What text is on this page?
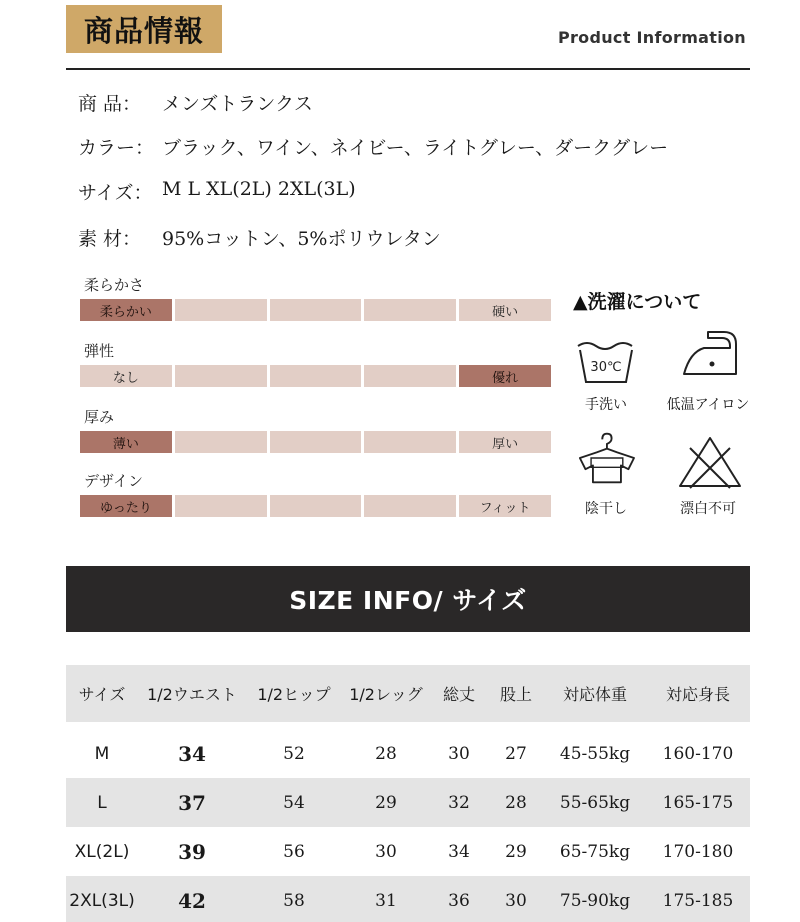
商品情報	Product Information
商 品：	メンズトランクス
カラー： ブラック、ワイン、ネイビー、ライトグレー、ダークグレー
サイズ： M L XL(2L) 2XL(3L)
素 材：	95%コットン、5%ポリウレタン
柔らかさ
柔らかい	硬い
弾性
なし	優れ
厚み
薄い	厚い
デザイン
ゆったり	フィット
▲洗濯について
30℃
手洗い	低温アイロン
陰干し	漂白不可
SIZE INFO/ サイズ
サイズ	1/2ウエスト	1/2ヒップ	1/2レッグ	総丈	股上	対応体重	対応身長
M	34	52	28	30	27	45-55kg	160-170
L	37	54	29	32	28	55-65kg	165-175
XL(2L)	39	56	30	34	29	65-75kg	170-180
2XL(3L)	42	58	31	36	30	75-90kg	175-185
